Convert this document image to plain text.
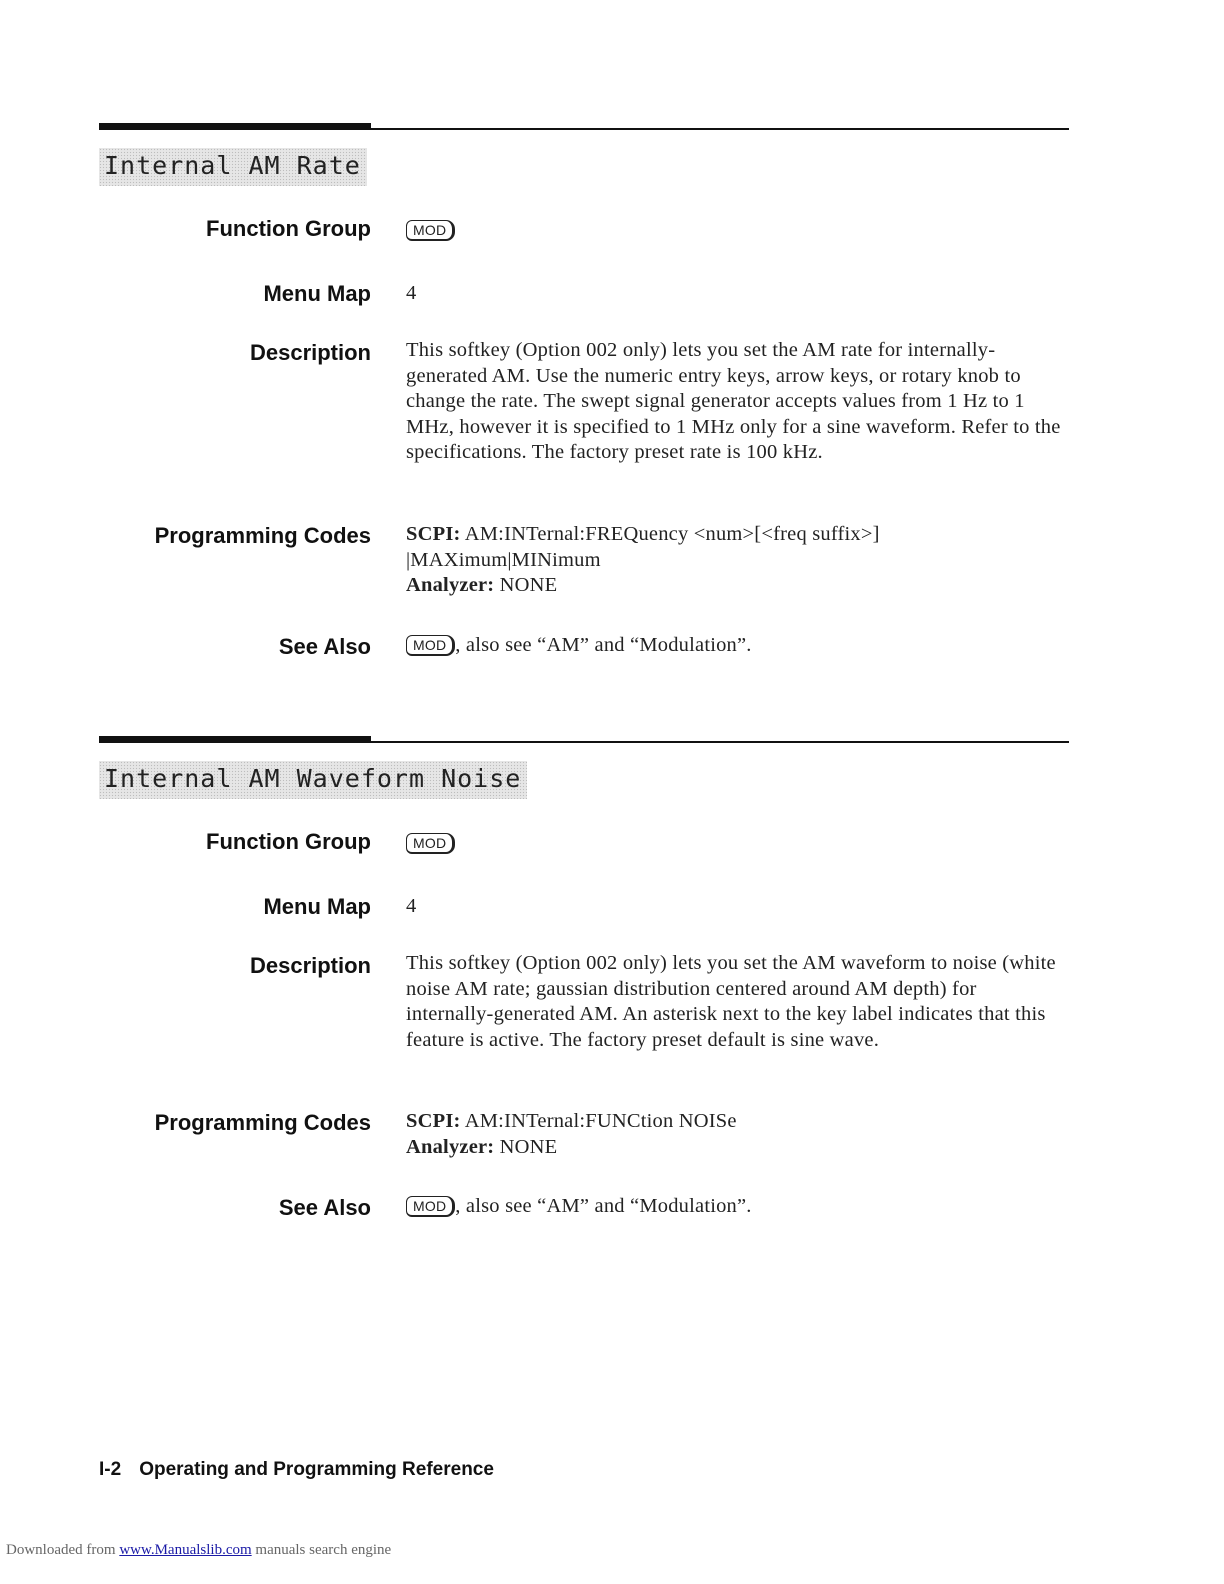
Internal AM Rate
Function Group	MOD
Menu Map 4
Description This softkey (Option 002 only) lets you set the AM rate for internally-generated AM. Use the numeric entry keys, arrow keys, or rotary knob to change the rate. The swept signal generator accepts values from 1 Hz to 1 MHz, however it is specified to 1 MHz only for a sine waveform. Refer to the specifications. The factory preset rate is 100 kHz.
Programming Codes SCPI: AM:INTernal:FREQuency <num>[<freq suffix>] |MAXimum|MINimum
Analyzer: NONE
See Also	MOD , also see “AM” and “Modulation”.
Internal AM Waveform Noise
Function Group	MOD
Menu Map 4
Description This softkey (Option 002 only) lets you set the AM waveform to noise (white noise AM rate; gaussian distribution centered around AM depth) for internally-generated AM. An asterisk next to the key label indicates that this feature is active. The factory preset default is sine wave.
Programming Codes SCPI: AM:INTernal:FUNCtion NOISe
Analyzer: NONE
See Also	MOD , also see “AM” and “Modulation”.
I-2 Operating and Programming Reference
Downloaded from www.Manualslib.com manuals search engine
